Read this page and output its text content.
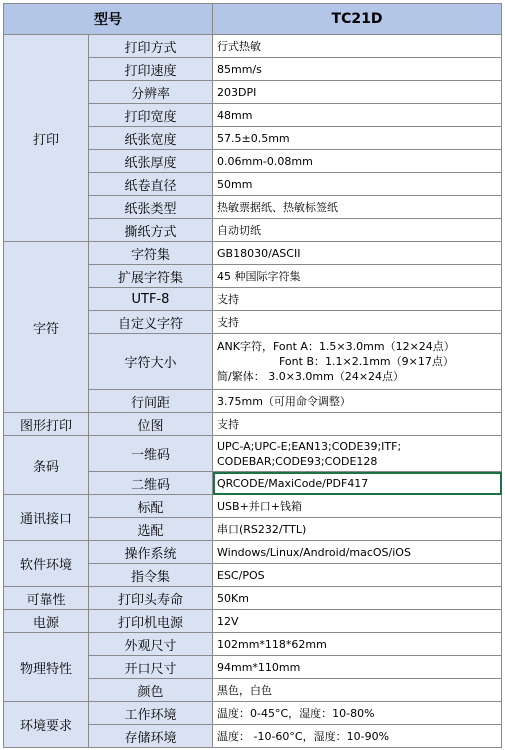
型号		TC21D
打印	打印方式	行式热敏
	打印速度	85mm/s
	分辨率	203DPI
	打印宽度	48mm
	纸张宽度	57.5±0.5mm
	纸张厚度	0.06mm-0.08mm
	纸卷直径	50mm
	纸张类型	热敏票据纸、热敏标签纸
	撕纸方式	自动切纸
字符	字符集	GB18030/ASCII
	扩展字符集	45 种国际字符集
	UTF-8	支持
	自定义字符	支持
	字符大小	ANK字符，Font A：1.5×3.0mm（12×24点）
Font B：1.1×2.1mm（9×17点）
简/繁体： 3.0×3.0mm（24×24点）

	行间距	3.75mm（可用命令调整）
图形打印	位图	支持
条码	一维码	UPC-A;UPC-E;EAN13;CODE39;ITF;
CODEBAR;CODE93;CODE128

	二维码	QRCODE/MaxiCode/PDF417
通讯接口	标配	USB+并口+钱箱
	选配	串口(RS232/TTL)
软件环境	操作系统	Windows/Linux/Android/macOS/iOS
	指令集	ESC/POS
可靠性	打印头寿命	50Km
电源	打印机电源	12V
物理特性	外观尺寸	102mm*118*62mm
	开口尺寸	94mm*110mm
	颜色	黑色，白色
环境要求	工作环境	温度：0-45°C，湿度：10-80%
	存储环境	温度： -10-60°C，湿度：10-90%
